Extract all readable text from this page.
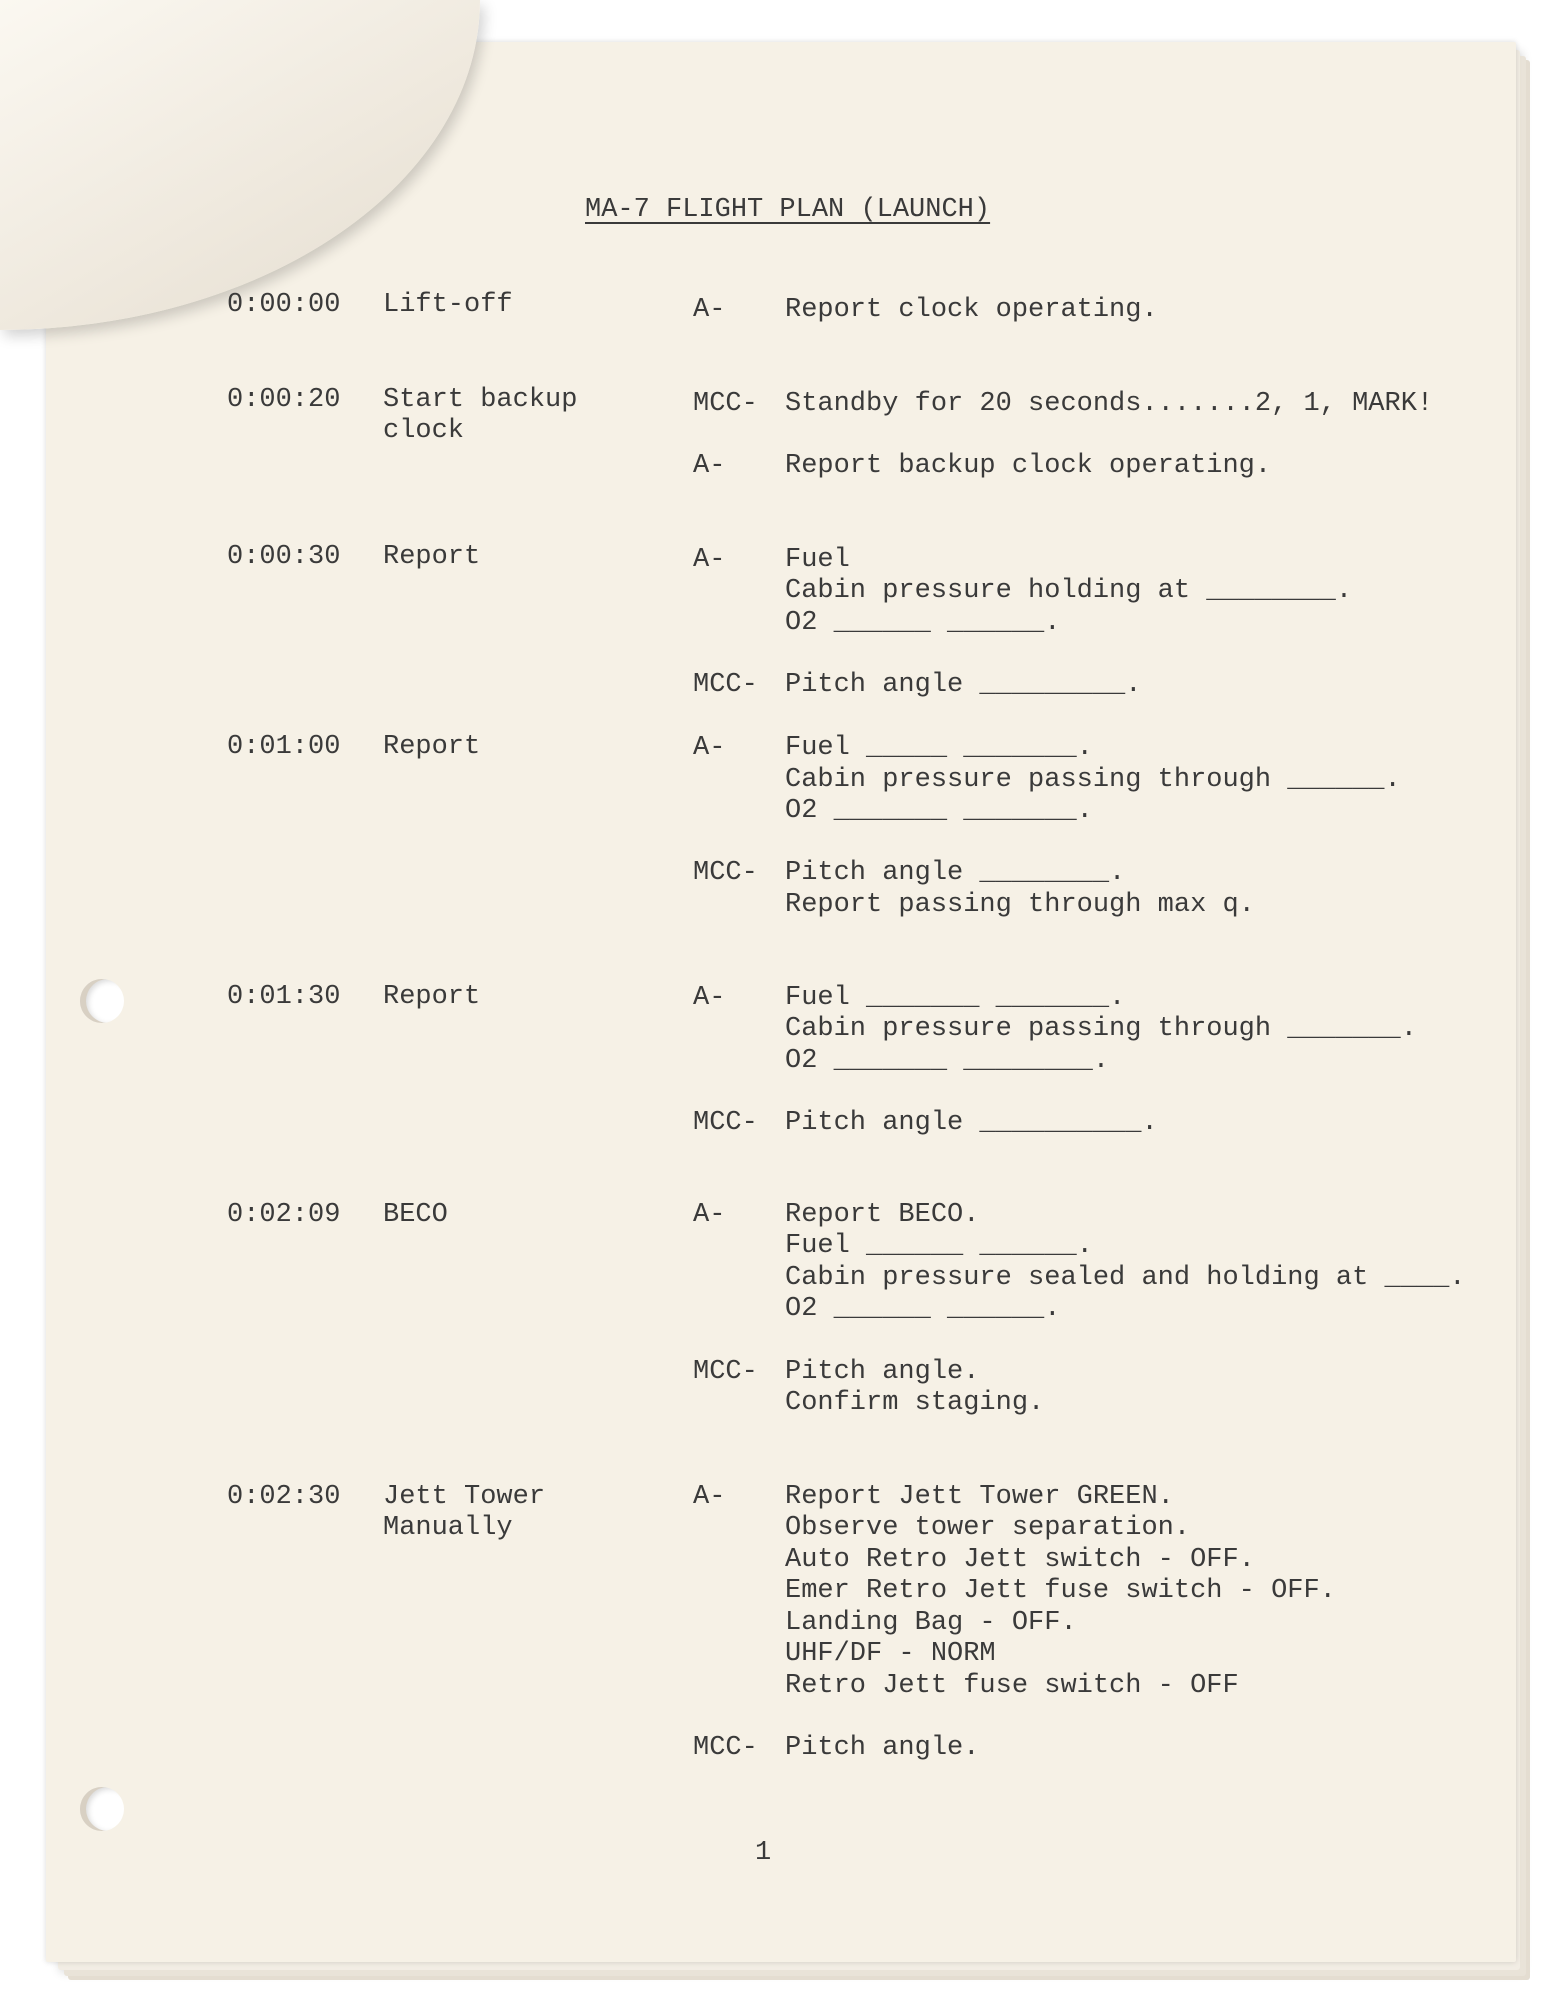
MA-7 FLIGHT PLAN (LAUNCH)
0:00:00 Lift-off	A- Report clock operating.
0:00:20 Start backup
clock
MCC- Standby for 20 seconds.......2, 1, MARK!
A- Report backup clock operating.
0:00:30 Report	A- Fuel
Cabin pressure holding at ________.
O2 ______ ______.
MCC- Pitch angle _________.
0:01:00 Report	A- Fuel _____ _______.
Cabin pressure passing through ______.
O2 _______ _______.
MCC- Pitch angle ________.
Report passing through max q.
0:01:30 Report	A- Fuel _______ _______.
Cabin pressure passing through _______.
O2 _______ ________.
MCC- Pitch angle __________.
0:02:09 BECO	A- Report BECO.
Fuel ______ ______.
Cabin pressure sealed and holding at ____.
O2 ______ ______.
MCC- Pitch angle.
Confirm staging.
0:02:30 Jett Tower
Manually
A- Report Jett Tower GREEN.
Observe tower separation.
Auto Retro Jett switch - OFF.
Emer Retro Jett fuse switch - OFF.
Landing Bag - OFF.
UHF/DF - NORM
Retro Jett fuse switch - OFF
MCC- Pitch angle.
1
